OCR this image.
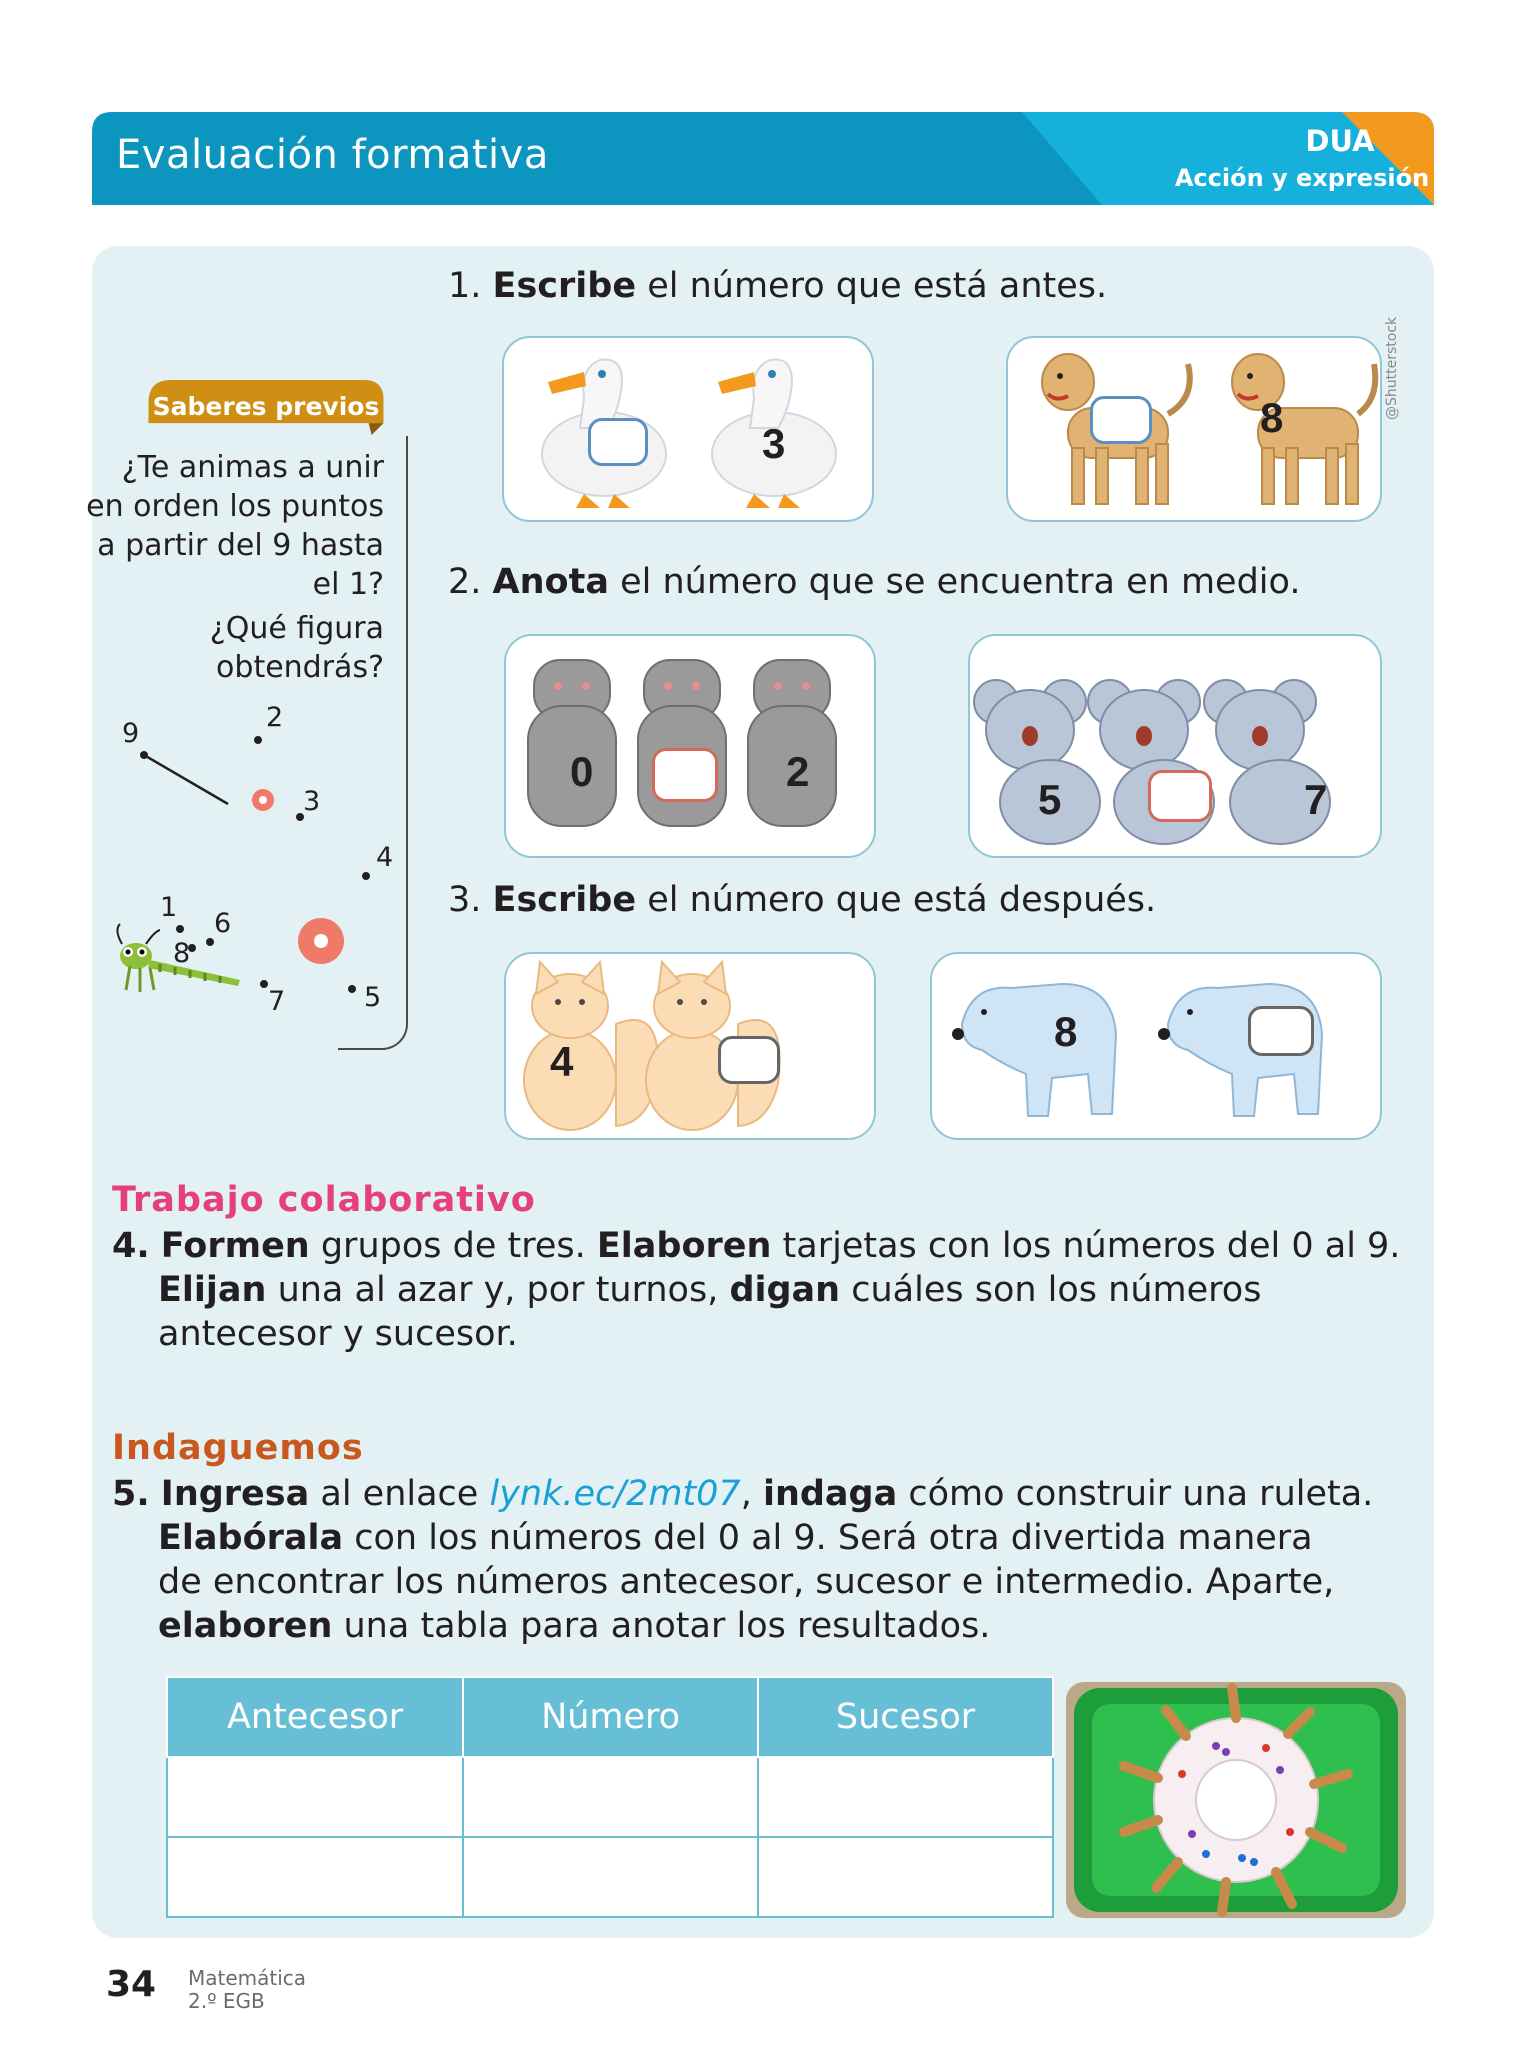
Evaluación formativa	DUA
Acción y expresión
Saberes previos
¿Te animas a unir en orden los puntos a partir del 9 hasta el 1?
¿Qué figura obtendrás?
9
2
3
4
1
6
8
7	5
1. Escribe el número que está antes.
3
8	@Shutterstock
2. Anota el número que se encuentra en medio.
0	2
5	7
3. Escribe el número que está después.
4
8
Trabajo colaborativo
4. Formen grupos de tres. Elaboren tarjetas con los números del 0 al 9.
Elijan una al azar y, por turnos, digan cuáles son los números
antecesor y sucesor.
Indaguemos
5. Ingresa al enlace lynk.ec/2mt07, indaga cómo construir una ruleta.
Elabórala con los números del 0 al 9. Será otra divertida manera
de encontrar los números antecesor, sucesor e intermedio. Aparte,
elaboren una tabla para anotar los resultados.
Antecesor	Número	Sucesor

34 Matemática
2.º EGB
